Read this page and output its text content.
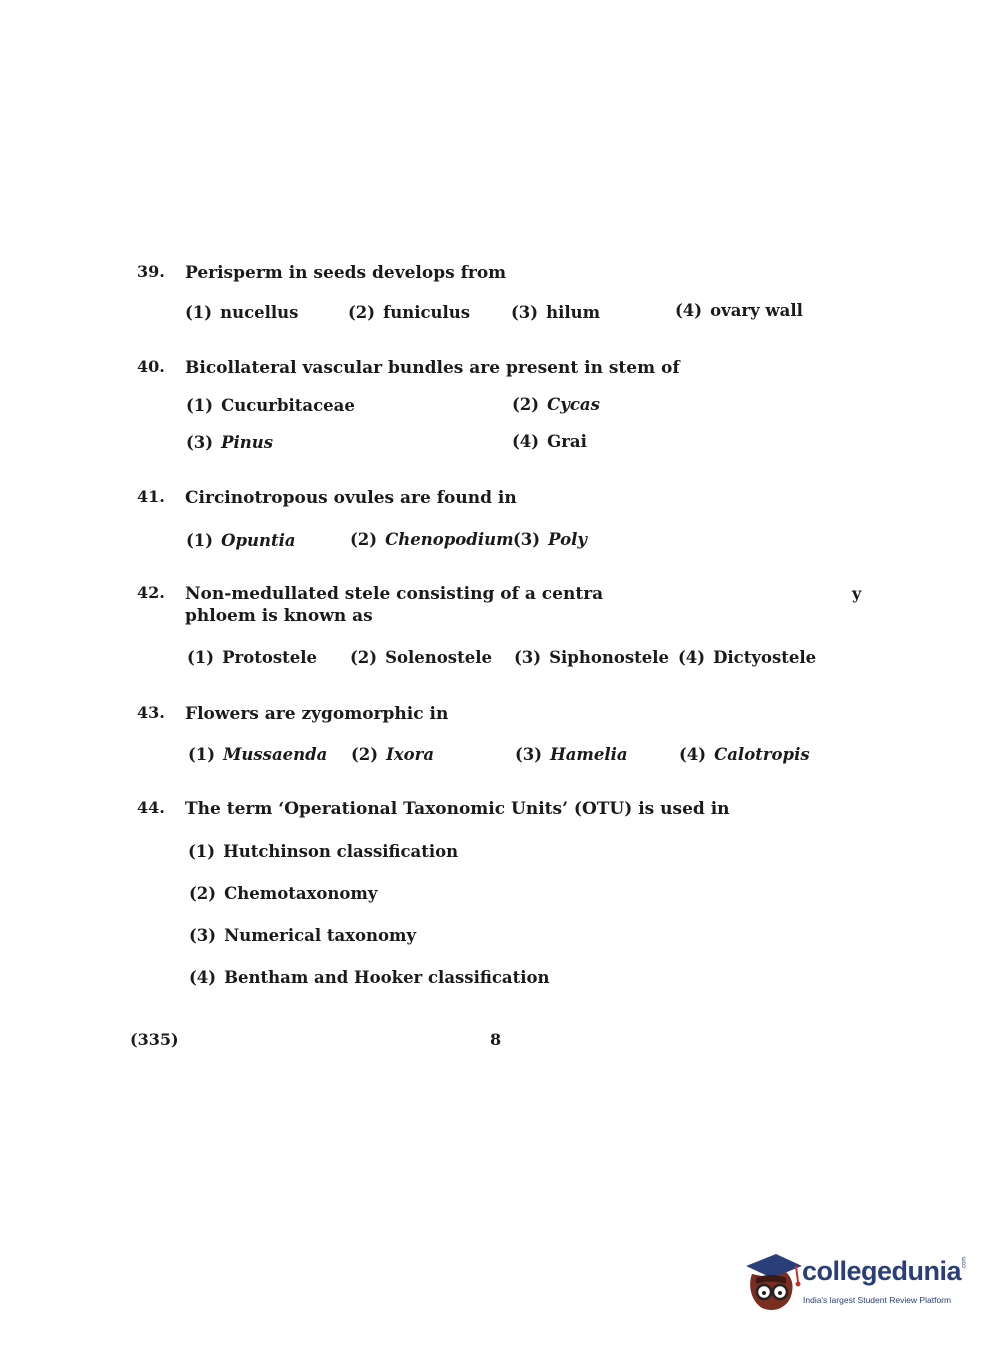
39. Perisperm in seeds develops from
(1) nucellus	(2) funiculus (3) hilum	(4) ovary wall
40. Bicollateral vascular bundles are present in stem of
(1) Cucurbitaceae	(2) Cycas
(3) Pinus	(4) Grai
41. Circinotropous ovules are found in
(1) Opuntia	(2) Chenopodium (3) Poly
42. Non-medullated stele consisting of a centra
phloem is known as
y
(1) Protostele (2) Solenostele (3) Siphonostele (4) Dictyostele
43. Flowers are zygomorphic in
(1) Mussaenda (2) Ixora	(3) Hamelia	(4) Calotropis
44. The term ‘Operational Taxonomic Units’ (OTU) is used in
(1) Hutchinson classification
(2) Chemotaxonomy
(3) Numerical taxonomy
(4) Bentham and Hooker classification
(335)	8
collegedunia .com
India's largest Student Review Platform
